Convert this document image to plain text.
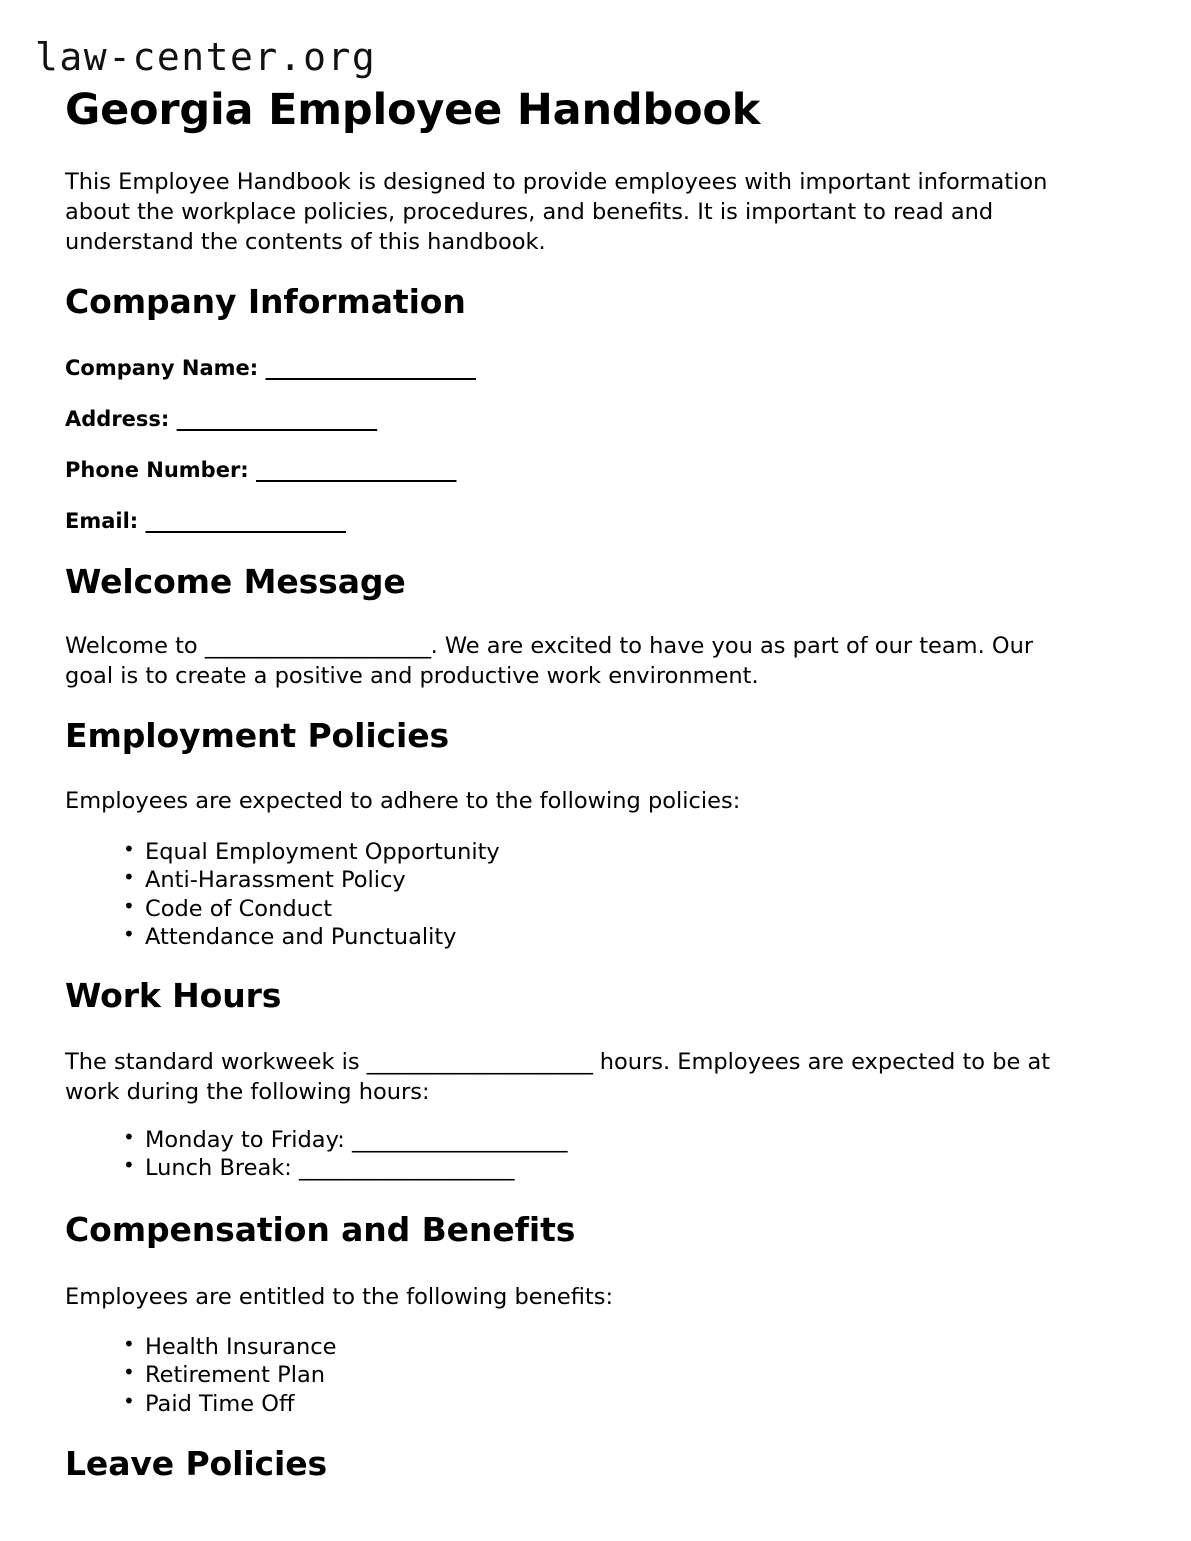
law-center.org
Georgia Employee Handbook

This Employee Handbook is designed to provide employees with important information about the workplace policies, procedures, and benefits. It is important to read and understand the contents of this handbook.

Company Information

Company Name: _____________________

Address: ____________________

Phone Number: ____________________

Email: ____________________

Welcome Message

Welcome to _____________________. We are excited to have you as part of our team. Our goal is to create a positive and productive work environment.

Employment Policies

Employees are expected to adhere to the following policies:

• Equal Employment Opportunity
• Anti-Harassment Policy
• Code of Conduct
• Attendance and Punctuality
Work Hours

The standard workweek is _____________________ hours. Employees are expected to be at work during the following hours:

• Monday to Friday: ____________________
• Lunch Break: ____________________
Compensation and Benefits

Employees are entitled to the following benefits:

• Health Insurance
• Retirement Plan
• Paid Time Off
Leave Policies
